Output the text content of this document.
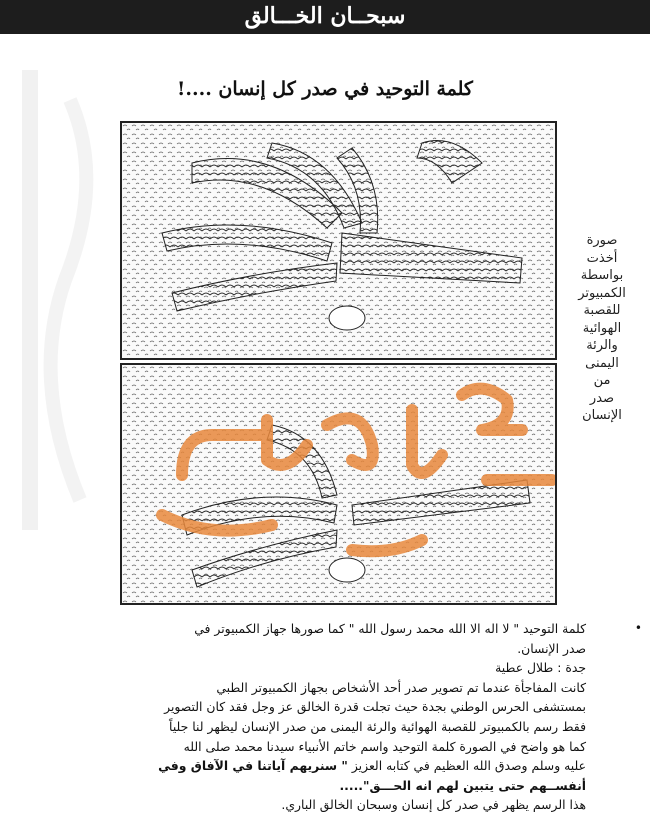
سبحــان الخـــالق
كلمة التوحيد في صدر كل إنسان ....!
صورة
أخذت
بواسطة
الكمبيوتر
للقصبة
الهوائية
والرئة
اليمنى
من
صدر
الإنسان
•

كلمة التوحيد " لا اله الا الله محمد رسول الله " كما صورها جهاز الكمبيوتر في

صدر الإنسان.

جدة : طلال عطية

كانت المفاجأة عندما تم تصوير صدر أحد الأشخاص بجهاز الكمبيوتر الطبي

بمستشفى الحرس الوطني بجدة حيث تجلت قدرة الخالق عز وجل فقد كان التصوير

فقط رسم بالكمبيوتر للقصبة الهوائية والرئة اليمنى من صدر الإنسان ليظهر لنا جلياً

كما هو واضح في الصورة كلمة التوحيد واسم خاتم الأنبياء سيدنا محمد صلى الله

عليه وسلم وصدق الله العظيم في كتابه العزيز " سنريهم آياتنا في الآفاق وفي

أنفســهم حتى يتبين لهم انه الحـــق".....

هذا الرسم يظهر في صدر كل إنسان وسبحان الخالق الباري.
